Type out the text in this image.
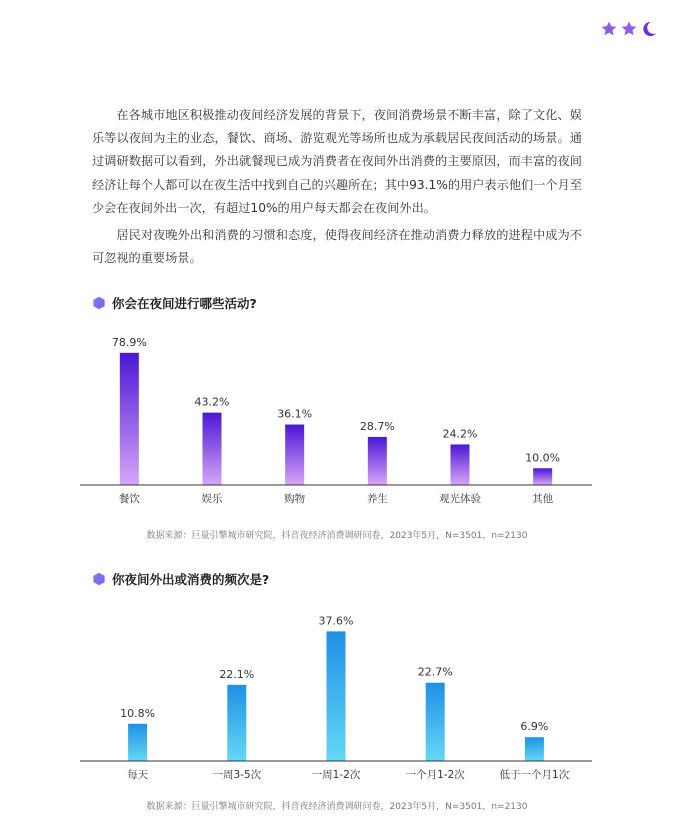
在各城市地区积极推动夜间经济发展的背景下，夜间消费场景不断丰富，除了文化、娱乐等以夜间为主的业态，餐饮、商场、游览观光等场所也成为承载居民夜间活动的场景。通过调研数据可以看到，外出就餐现已成为消费者在夜间外出消费的主要原因，而丰富的夜间经济让每个人都可以在夜生活中找到自己的兴趣所在；其中93.1%的用户表示他们一个月至少会在夜间外出一次，有超过10%的用户每天都会在夜间外出。

居民对夜晚外出和消费的习惯和态度，使得夜间经济在推动消费力释放的进程中成为不可忽视的重要场景。

你会在夜间进行哪些活动?
78.9%
餐饮
43.2%
娱乐
36.1%
购物
28.7%
养生
24.2%
观光体验
10.0%
其他
数据来源：巨量引擎城市研究院，抖音夜经济消费调研问卷，2023年5月，N=3501，n=2130
你夜间外出或消费的频次是?
10.8%
每天
22.1%
一周3-5次
37.6%
一周1-2次
22.7%
一个月1-2次
6.9%
低于一个月1次
数据来源：巨量引擎城市研究院，抖音夜经济消费调研问卷，2023年5月，N=3501，n=2130
